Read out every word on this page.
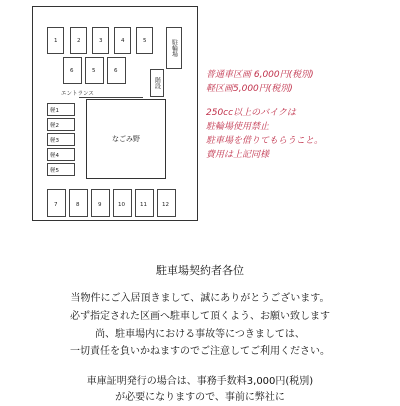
1	2	3	4	5	駐輪場
6	5	6
階段
エントランス
なごみ野
軽1
軽2
軽3
軽4
軽5
7	8	9	10	11	12
普通車区画 6,000円(税別)
軽区画5,000円(税別)
250cc以上のバイクは
駐輪場使用禁止
駐車場を借りてもらうこと。
費用は上記同様
駐車場契約者各位
当物件にご入居頂きまして、誠にありがとうございます。
必ず指定された区画へ駐車して頂くよう、お願い致します
尚、駐車場内における事故等につきましては、
一切責任を負いかねますのでご注意してご利用ください。
車庫証明発行の場合は、事務手数料3,000円(税別)
が必要になりますので、事前に弊社に
